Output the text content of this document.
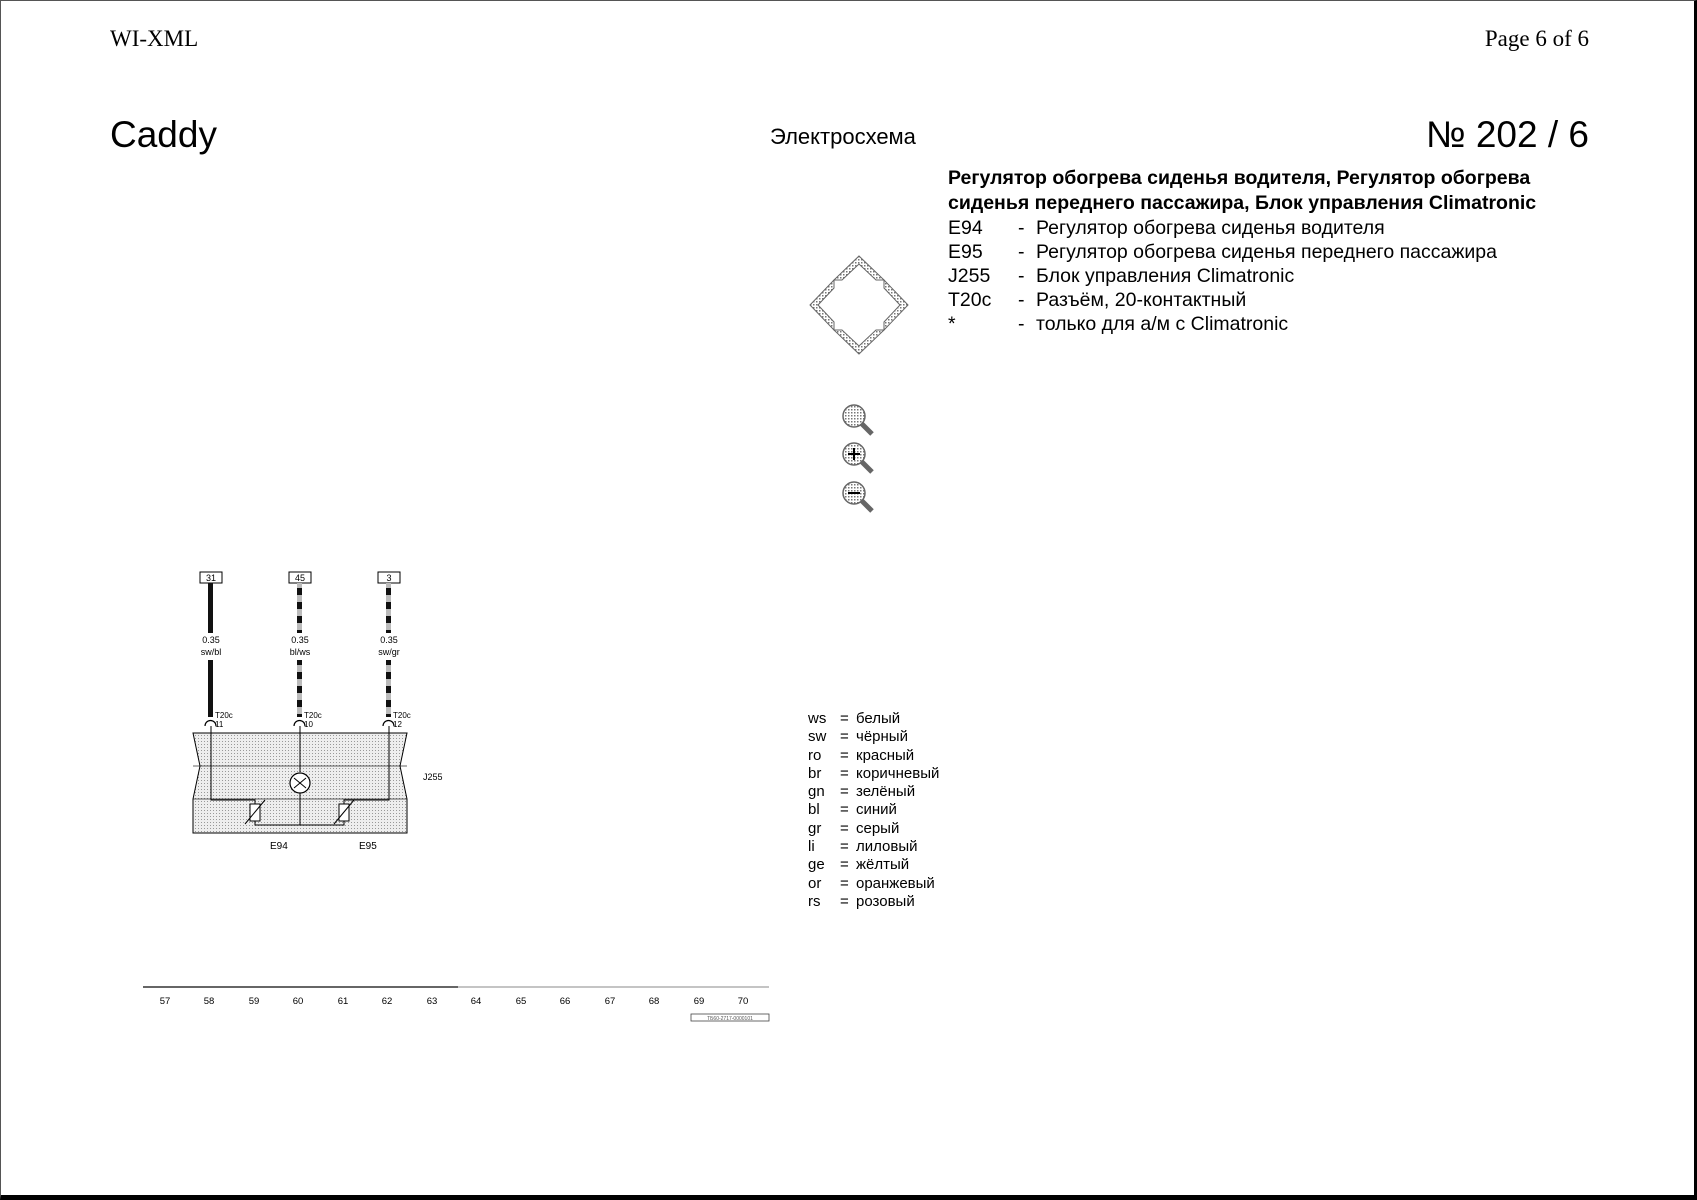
WI-XML	Page 6 of 6
Caddy	Электросхема	№ 202 / 6
Регулятор обогрева сиденья водителя, Регулятор обогрева
сиденья переднего пассажира, Блок управления Climatronic
E94	- Регулятор обогрева сиденья водителя
E95	- Регулятор обогрева сиденья переднего пассажира
J255	- Блок управления Climatronic
T20c	- Разъём, 20-контактный
*	- только для а/м с Climatronic
31
0.35
sw/bl
T20c
11
45
0.35
bl/ws
T20c
10
3
0.35
sw/gr
T20c
12
J255
E94	E95
57	58	59	60	61	62	63	64	65	66	67	68	69	70
ТБ60-2717-0000101
ws = белый
sw = чёрный
ro	= красный
br	= коричневый
gn	= зелёный
bl	= синий
gr	= серый
li	= лиловый
ge	= жёлтый
or	= оранжевый
rs	= розовый
